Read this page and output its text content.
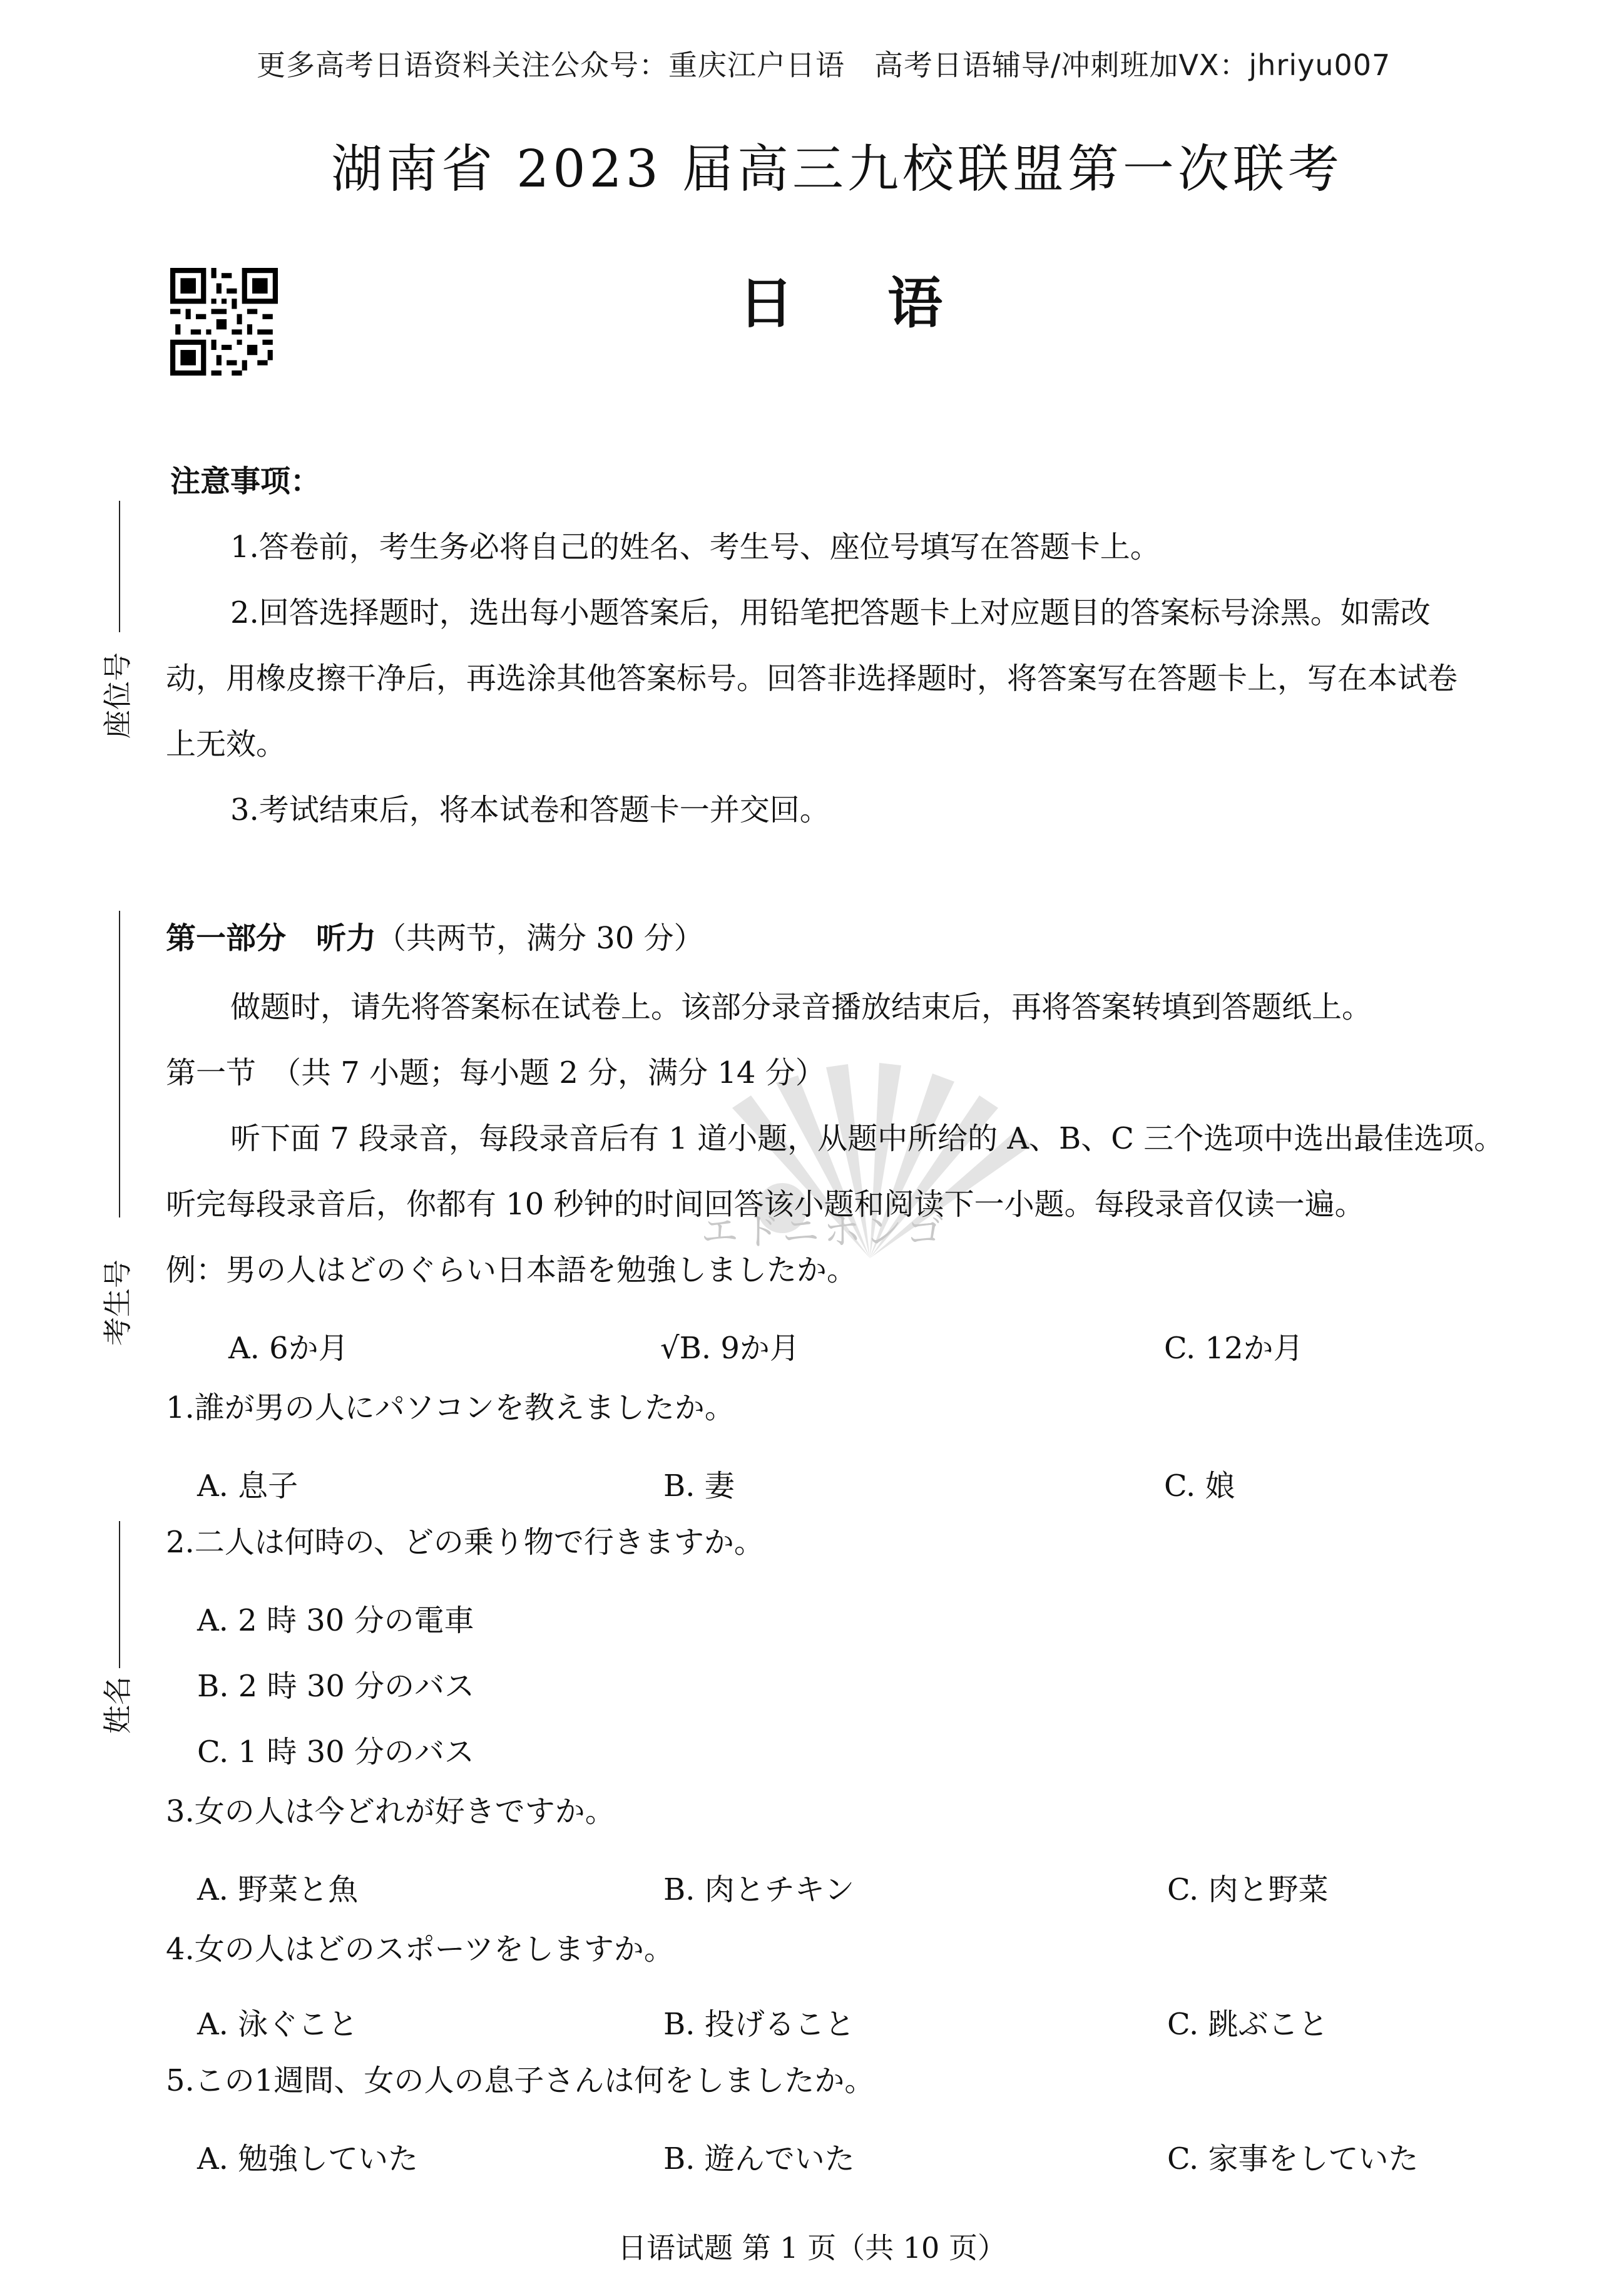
更多高考日语资料关注公众号：重庆江户日语　高考日语辅导/冲刺班加VX：jhriyu007
湖南省 2023 届高三九校联盟第一次联考
日语
座位号
考生号
姓名
注意事项：
1.答卷前，考生务必将自己的姓名、考生号、座位号填写在答题卡上。
2.回答选择题时，选出每小题答案后，用铅笔把答题卡上对应题目的答案标号涂黑。如需改
动，用橡皮擦干净后，再选涂其他答案标号。回答非选择题时，将答案写在答题卡上，写在本试卷
上无效。
3.考试结束后，将本试卷和答题卡一并交回。
エドニホンゴ
第一部分　听力（共两节，满分 30 分）
做题时，请先将答案标在试卷上。该部分录音播放结束后，再将答案转填到答题纸上。
第一节　（共 7 小题；每小题 2 分，满分 14 分）
听下面 7 段录音，每段录音后有 1 道小题，从题中所给的 A、B、C 三个选项中选出最佳选项。
听完每段录音后，你都有 10 秒钟的时间回答该小题和阅读下一小题。每段录音仅读一遍。
例：男の人はどのぐらい日本語を勉強しましたか。
A. 6か月	√B. 9か月	C. 12か月
1.誰が男の人にパソコンを教えましたか。
A. 息子	B. 妻	C. 娘
2.二人は何時の、どの乗り物で行きますか。
A. 2 時 30 分の電車
B. 2 時 30 分のバス
C. 1 時 30 分のバス
3.女の人は今どれが好きですか。
A. 野菜と魚	B. 肉とチキン	C. 肉と野菜
4.女の人はどのスポーツをしますか。
A. 泳ぐこと	B. 投げること	C. 跳ぶこと
5.この1週間、女の人の息子さんは何をしましたか。
A. 勉強していた	B. 遊んでいた	C. 家事をしていた
日语试题 第 1 页（共 10 页）
